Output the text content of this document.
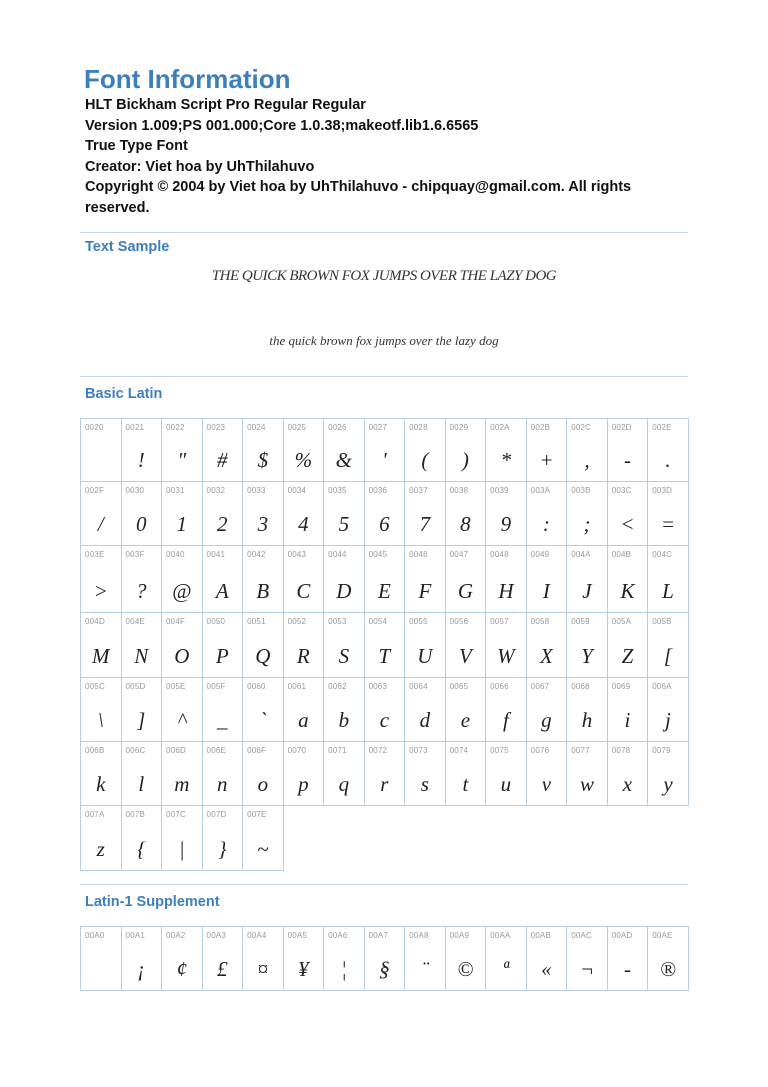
Font Information
HLT Bickham Script Pro Regular Regular
Version 1.009;PS 001.000;Core 1.0.38;makeotf.lib1.6.6565
True Type Font
Creator: Viet hoa by UhThilahuvo
Copyright © 2004 by Viet hoa by UhThilahuvo - chipquay@gmail.com. All rights reserved.
Text Sample
THE QUICK BROWN FOX JUMPS OVER THE LAZY DOG
the quick brown fox jumps over the lazy dog
Basic Latin
0020	0021
!
0022
"
0023
#
0024
$
0025
%
0026
&
0027
'
0028
(
0029
)
002A
*
002B
+
002C
,
002D
-
002E
.
002F
/
0030
0
0031
1
0032
2
0033
3
0034
4
0035
5
0036
6
0037
7
0038
8
0039
9
003A
:
003B
;
003C
<
003D
=
003E
>
003F
?
0040
@
0041
A
0042
B
0043
C
0044
D
0045
E
0046
F
0047
G
0048
H
0049
I
004A
J
004B
K
004C
L
004D
M
004E
N
004F
O
0050
P
0051
Q
0052
R
0053
S
0054
T
0055
U
0056
V
0057
W
0058
X
0059
Y
005A
Z
005B
[
005C
\
005D
]
005E
^
005F
_
0060
`
0061
a
0062
b
0063
c
0064
d
0065
e
0066
f
0067
g
0068
h
0069
i
006A
j
006B
k
006C
l
006D
m
006E
n
006F
o
0070
p
0071
q
0072
r
0073
s
0074
t
0075
u
0076
v
0077
w
0078
x
0079
y
007A
z
007B
{
007C
|
007D
}
007E
~
Latin-1 Supplement
00A0	00A1
¡
00A2
¢
00A3
£
00A4
¤
00A5
¥
00A6
¦
00A7
§
00A8
¨
00A9
©
00AA
ª
00AB
«
00AC
¬
00AD
-
00AE
®
